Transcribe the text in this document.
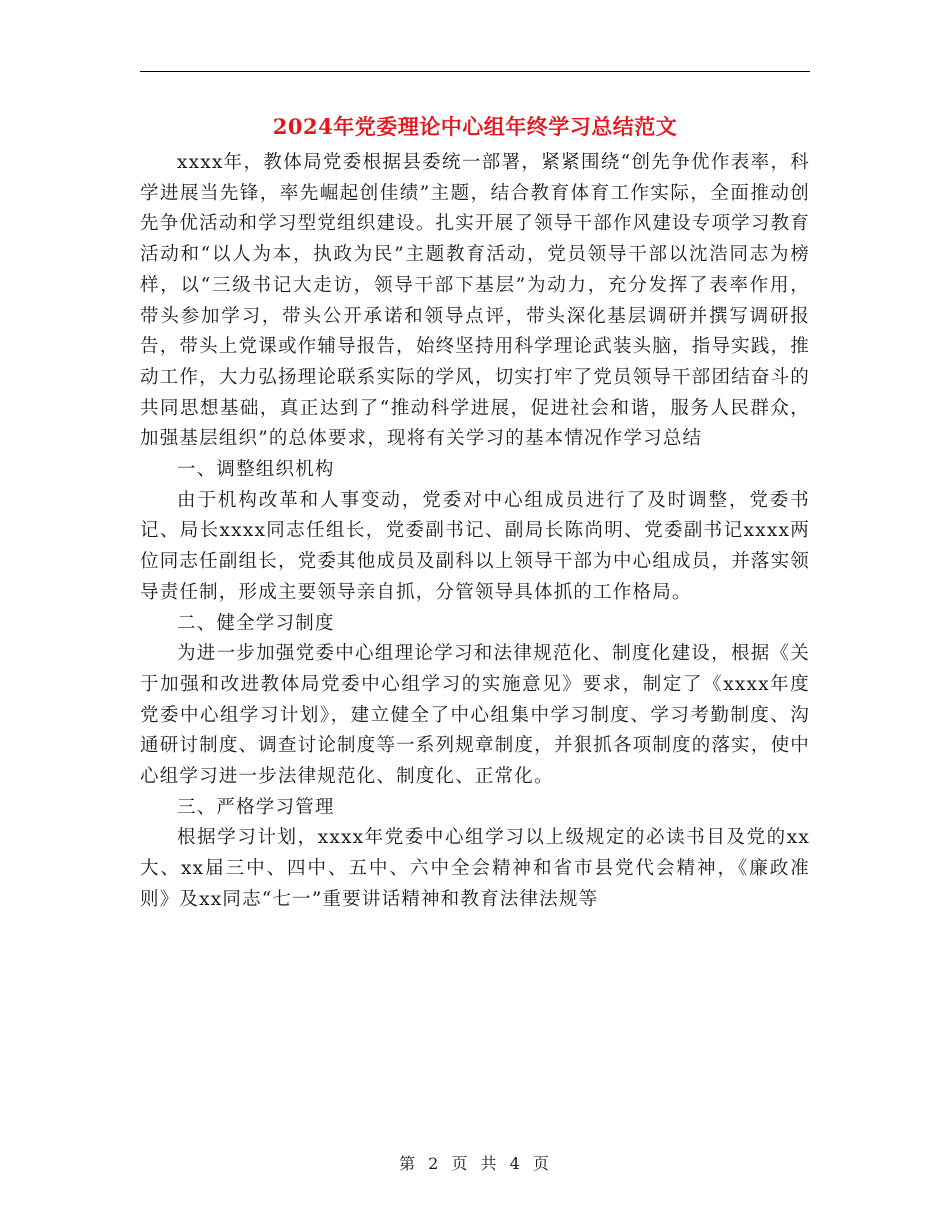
2024年党委理论中心组年终学习总结范文

xxxx年，教体局党委根据县委统一部署，紧紧围绕“创先争优作表率，科学进展当先锋，率先崛起创佳绩”主题，结合教育体育工作实际，全面推动创先争优活动和学习型党组织建设。扎实开展了领导干部作风建设专项学习教育活动和“以人为本，执政为民”主题教育活动，党员领导干部以沈浩同志为榜样，以“三级书记大走访，领导干部下基层”为动力，充分发挥了表率作用，带头参加学习，带头公开承诺和领导点评，带头深化基层调研并撰写调研报告，带头上党课或作辅导报告，始终坚持用科学理论武装头脑，指导实践，推动工作，大力弘扬理论联系实际的学风，切实打牢了党员领导干部团结奋斗的共同思想基础，真正达到了“推动科学进展，促进社会和谐，服务人民群众，加强基层组织”的总体要求，现将有关学习的基本情况作学习总结

一、调整组织机构

由于机构改革和人事变动，党委对中心组成员进行了及时调整，党委书记、局长xxxx同志任组长，党委副书记、副局长陈尚明、党委副书记xxxx两位同志任副组长，党委其他成员及副科以上领导干部为中心组成员，并落实领导责任制，形成主要领导亲自抓，分管领导具体抓的工作格局。

二、健全学习制度

为进一步加强党委中心组理论学习和法律规范化、制度化建设，根据《关于加强和改进教体局党委中心组学习的实施意见》要求，制定了《xxxx年度党委中心组学习计划》，建立健全了中心组集中学习制度、学习考勤制度、沟通研讨制度、调查讨论制度等一系列规章制度，并狠抓各项制度的落实，使中心组学习进一步法律规范化、制度化、正常化。

三、严格学习管理

根据学习计划，xxxx年党委中心组学习以上级规定的必读书目及党的xx大、xx届三中、四中、五中、六中全会精神和省市县党代会精神，《廉政准则》及xx同志“七一”重要讲话精神和教育法律法规等

第 2 页 共 4 页
